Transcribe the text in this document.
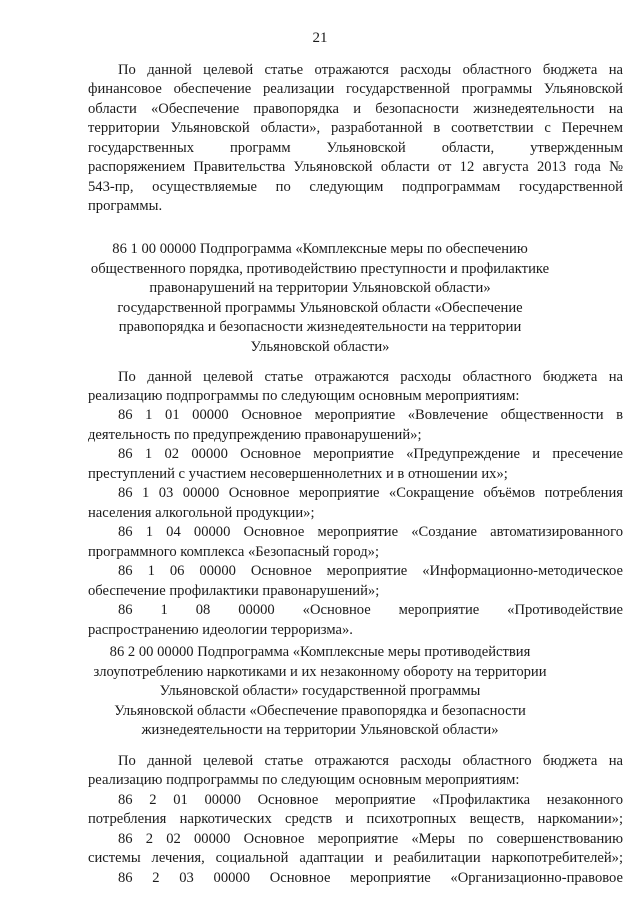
21
По данной целевой статье отражаются расходы областного бюджета на
финансовое обеспечение реализации государственной программы Ульяновской
области «Обеспечение правопорядка и безопасности жизнедеятельности на
территории Ульяновской области», разработанной в соответствии с Перечнем
государственных программ Ульяновской области, утвержденным
распоряжением Правительства Ульяновской области от 12 августа 2013 года №
543-пр, осуществляемые по следующим подпрограммам государственной
программы.
86 1 00 00000 Подпрограмма «Комплексные меры по обеспечению
общественного порядка, противодействию преступности и профилактике
правонарушений на территории Ульяновской области»
государственной программы Ульяновской области «Обеспечение
правопорядка и безопасности жизнедеятельности на территории
Ульяновской области»
По данной целевой статье отражаются расходы областного бюджета на
реализацию подпрограммы по следующим основным мероприятиям:
86 1 01 00000 Основное мероприятие «Вовлечение общественности в
деятельность по предупреждению правонарушений»;
86 1 02 00000 Основное мероприятие «Предупреждение и пресечение
преступлений с участием несовершеннолетних и в отношении их»;
86 1 03 00000 Основное мероприятие «Сокращение объёмов потребления
населения алкогольной продукции»;
86 1 04 00000 Основное мероприятие «Создание автоматизированного
программного комплекса «Безопасный город»;
86 1 06 00000 Основное мероприятие «Информационно-методическое
обеспечение профилактики правонарушений»;
86 1 08 00000 «Основное мероприятие «Противодействие
распространению идеологии терроризма».
86 2 00 00000 Подпрограмма «Комплексные меры противодействия
злоупотреблению наркотиками и их незаконному обороту на территории
Ульяновской области» государственной программы
Ульяновской области «Обеспечение правопорядка и безопасности
жизнедеятельности на территории Ульяновской области»
По данной целевой статье отражаются расходы областного бюджета на
реализацию подпрограммы по следующим основным мероприятиям:
86 2 01 00000 Основное мероприятие «Профилактика незаконного
потребления наркотических средств и психотропных веществ, наркомании»;
86 2 02 00000 Основное мероприятие «Меры по совершенствованию
системы лечения, социальной адаптации и реабилитации наркопотребителей»;
86 2 03 00000 Основное мероприятие «Организационно-правовое
